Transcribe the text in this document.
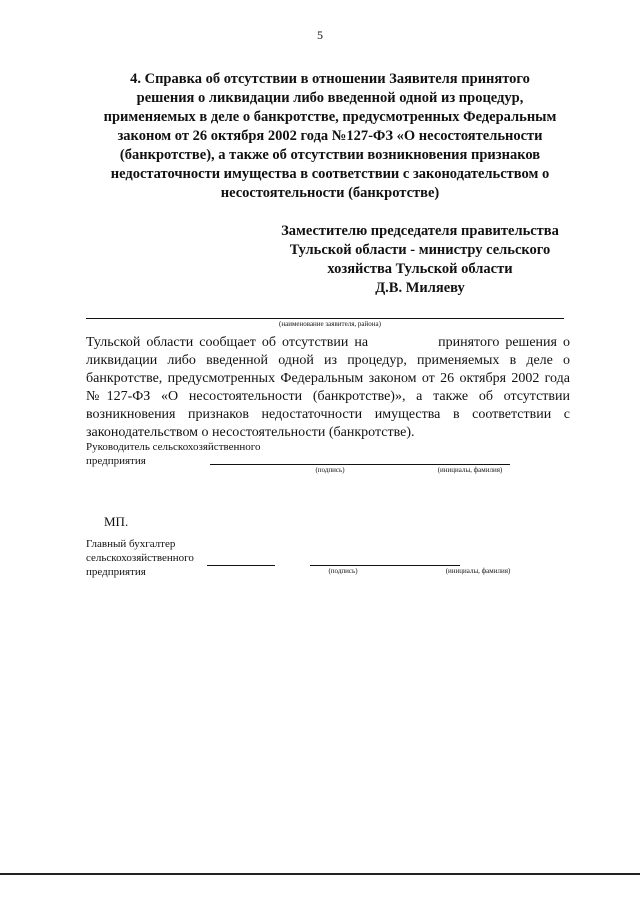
5
4. Справка об отсутствии в отношении Заявителя принятого решения о ликвидации либо введенной одной из процедур, применяемых в деле о банкротстве, предусмотренных Федеральным законом от 26 октября 2002 года №127-ФЗ «О несостоятельности (банкротстве), а также об отсутствии возникновения признаков недостаточности имущества в соответствии с законодательством о несостоятельности (банкротстве)
Заместителю председателя правительства
Тульской области - министру сельского
хозяйства Тульской области
Д.В. Миляеву
(наименование заявителя, района)
Тульской области сообщает об отсутствии на	принятого решения о ликвидации либо введенной одной из процедур, применяемых в деле о банкротстве, предусмотренных Федеральным законом от 26 октября 2002 года №127-ФЗ «О несостоятельности (банкротстве)», а также об отсутствии возникновения признаков недостаточности имущества в соответствии с законодательством о несостоятельности (банкротстве).
Руководитель сельскохозяйственного
предприятия
(подпись)	(инициалы, фамилия)
МП.
Главный бухгалтер
сельскохозяйственного
предприятия	(подпись)	(инициалы, фамилия)
